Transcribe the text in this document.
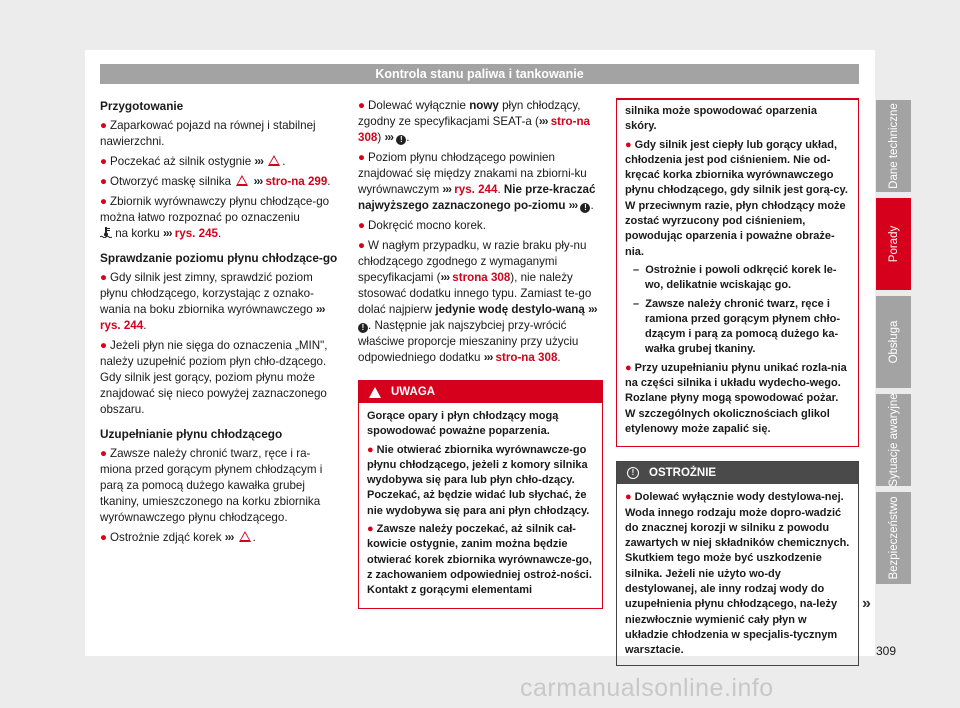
Kontrola stanu paliwa i tankowanie
Przygotowanie

● Zaparkować pojazd na równej i stabilnej nawierzchni.

● Poczekać aż silnik ostygnie ››› .

● Otworzyć maskę silnika ››› stro-na 299.

● Zbiornik wyrównawczy płynu chłodzące-go można łatwo rozpoznać po oznaczeniu
na korku ››› rys. 245.

Sprawdzanie poziomu płynu chłodzące-go

● Gdy silnik jest zimny, sprawdzić poziom płynu chłodzącego, korzystając z oznako-wania na boku zbiornika wyrównawczego ››› rys. 244.

● Jeżeli płyn nie sięga do oznaczenia „MIN", należy uzupełnić poziom płyn chło-dzącego. Gdy silnik jest gorący, poziom płynu może znajdować się nieco powyżej zaznaczonego obszaru.

Uzupełnianie płynu chłodzącego

● Zawsze należy chronić twarz, ręce i ra-miona przed gorącym płynem chłodzącym i parą za pomocą dużego kawałka grubej tkaniny, umieszczonego na korku zbiornika wyrównawczego płynu chłodzącego.

● Ostrożnie zdjąć korek ››› .

● Dolewać wyłącznie nowy płyn chłodzący, zgodny ze specyfikacjami SEAT-a (››› stro-na 308) ››› ! .

● Poziom płynu chłodzącego powinien znajdować się między znakami na zbiorni-ku wyrównawczym ››› rys. 244. Nie prze-kraczać najwyższego zaznaczonego po-ziomu ››› ! .

● Dokręcić mocno korek.

● W nagłym przypadku, w razie braku pły-nu chłodzącego zgodnego z wymaganymi specyfikacjami (››› strona 308), nie należy stosować dodatku innego typu. Zamiast te-go dolać najpierw jedynie wodę destylo-waną ››› ! . Następnie jak najszybciej przy-wrócić właściwe proporcje mieszaniny przy użyciu odpowiedniego dodatku ››› stro-na 308.

UWAGA

Gorące opary i płyn chłodzący mogą spowodować poważne poparzenia.

● Nie otwierać zbiornika wyrównawcze-go płynu chłodzącego, jeżeli z komory silnika wydobywa się para lub płyn chło-dzący. Poczekać, aż będzie widać lub słychać, że nie wydobywa się para ani płyn chłodzący.

● Zawsze należy poczekać, aż silnik cał-kowicie ostygnie, zanim można będzie otwierać korek zbiornika wyrównawcze-go, z zachowaniem odpowiedniej ostroż-ności. Kontakt z gorącymi elementami

silnika może spowodować oparzenia skóry.

● Gdy silnik jest ciepły lub gorący układ, chłodzenia jest pod ciśnieniem. Nie od-kręcać korka zbiornika wyrównawczego płynu chłodzącego, gdy silnik jest gorą-cy. W przeciwnym razie, płyn chłodzący może zostać wyrzucony pod ciśnieniem, powodując oparzenia i poważne obraże-nia.

– Ostrożnie i powoli odkręcić korek le-wo, delikatnie wciskając go.

– Zawsze należy chronić twarz, ręce i ramiona przed gorącym płynem chło-dzącym i parą za pomocą dużego ka-wałka grubej tkaniny.

● Przy uzupełnianiu płynu unikać rozla-nia na części silnika i układu wydecho-wego. Rozlane płyny mogą spowodować pożar. W szczególnych okolicznościach glikol etylenowy może zapalić się.

!	OSTROŻNIE

● Dolewać wyłącznie wody destylowa-nej. Woda innego rodzaju może dopro-wadzić do znacznej korozji w silniku z powodu zawartych w niej składników chemicznych. Skutkiem tego może być uszkodzenie silnika. Jeżeli nie użyto wo-dy destylowanej, ale inny rodzaj wody do uzupełnienia płynu chłodzącego, na-leży niezwłocznie wymienić cały płyn w układzie chłodzenia w specjalis-tycznym warsztacie.

»
309
Dane techniczne
Porady
Obsługa
Sytuacje awaryjne
Bezpieczeństwo
carmanualsonline.info
